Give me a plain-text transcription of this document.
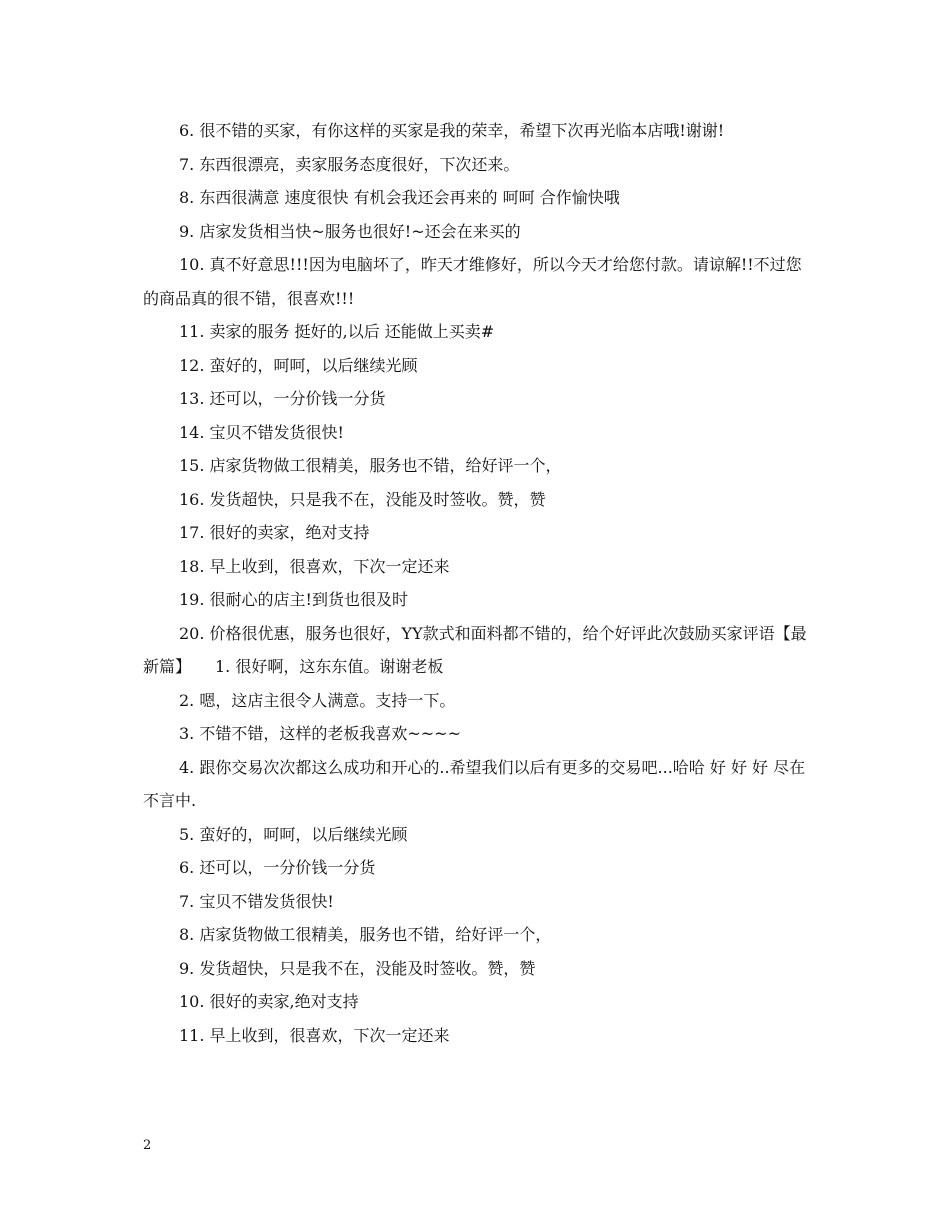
6. 很不错的买家，有你这样的买家是我的荣幸，希望下次再光临本店哦!谢谢!

7. 东西很漂亮，卖家服务态度很好，下次还来。

8. 东西很满意 速度很快 有机会我还会再来的 呵呵 合作愉快哦

9. 店家发货相当快~服务也很好!~还会在来买的

10. 真不好意思!!!因为电脑坏了，昨天才维修好，所以今天才给您付款。请谅解!!不过您的商品真的很不错，很喜欢!!!

11. 卖家的服务 挺好的,以后 还能做上买卖#

12. 蛮好的，呵呵，以后继续光顾

13. 还可以，一分价钱一分货

14. 宝贝不错发货很快!

15. 店家货物做工很精美，服务也不错，给好评一个，

16. 发货超快，只是我不在，没能及时签收。赞，赞

17. 很好的卖家，绝对支持

18. 早上收到，很喜欢，下次一定还来

19. 很耐心的店主!到货也很及时

20. 价格很优惠，服务也很好，YY款式和面料都不错的，给个好评此次鼓励买家评语【最新篇】　　1. 很好啊，这东东值。谢谢老板

2. 嗯，这店主很令人满意。支持一下。

3. 不错不错，这样的老板我喜欢~~~~

4. 跟你交易次次都这么成功和开心的..希望我们以后有更多的交易吧...哈哈 好 好 好 尽在不言中.

5. 蛮好的，呵呵，以后继续光顾

6. 还可以，一分价钱一分货

7. 宝贝不错发货很快!

8. 店家货物做工很精美，服务也不错，给好评一个，

9. 发货超快，只是我不在，没能及时签收。赞，赞

10. 很好的卖家,绝对支持

11. 早上收到，很喜欢，下次一定还来

2
